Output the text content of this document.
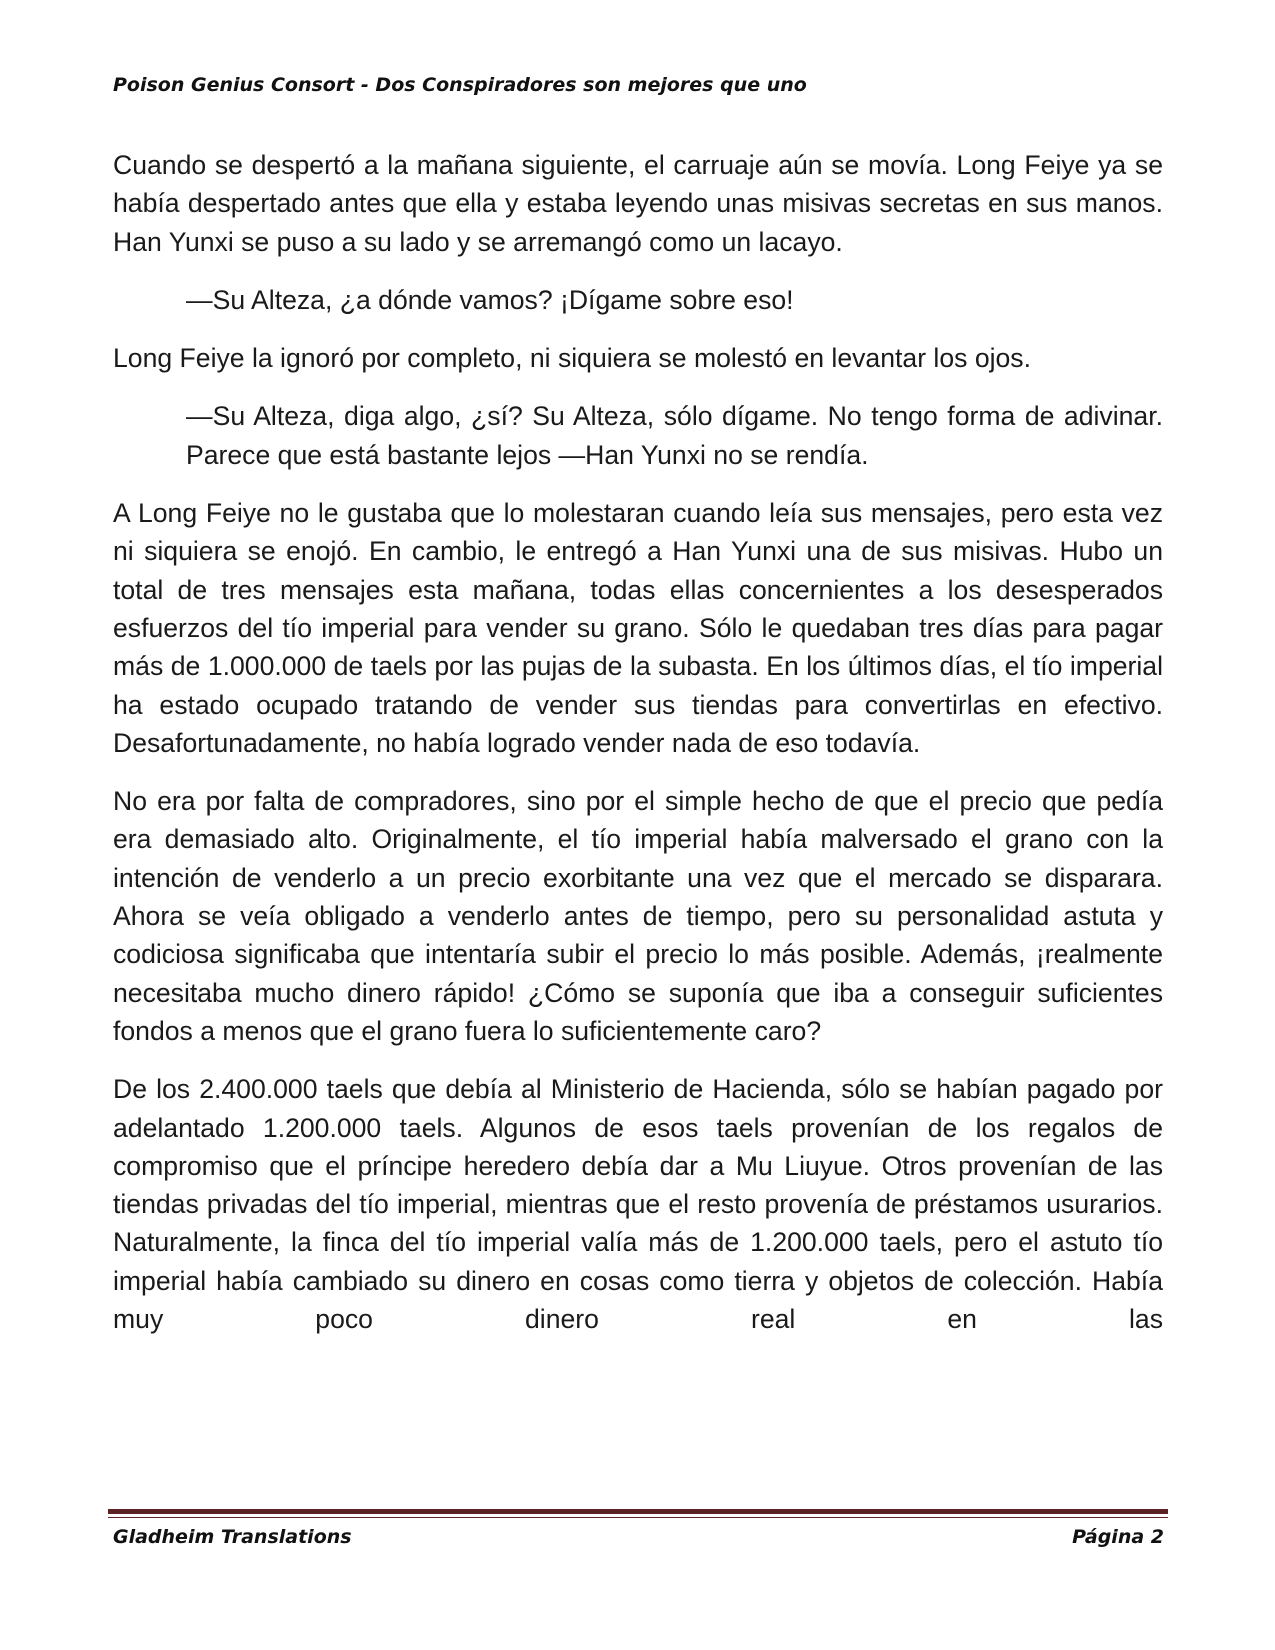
Poison Genius Consort - Dos Conspiradores son mejores que uno

Cuando se despertó a la mañana siguiente, el carruaje aún se movía. Long Feiye ya se había despertado antes que ella y estaba leyendo unas misivas secretas en sus manos. Han Yunxi se puso a su lado y se arremangó como un lacayo.

—Su Alteza, ¿a dónde vamos? ¡Dígame sobre eso!

Long Feiye la ignoró por completo, ni siquiera se molestó en levantar los ojos.

—Su Alteza, diga algo, ¿sí? Su Alteza, sólo dígame. No tengo forma de adivinar. Parece que está bastante lejos —Han Yunxi no se rendía.

A Long Feiye no le gustaba que lo molestaran cuando leía sus mensajes, pero esta vez ni siquiera se enojó. En cambio, le entregó a Han Yunxi una de sus misivas. Hubo un total de tres mensajes esta mañana, todas ellas concernientes a los desesperados esfuerzos del tío imperial para vender su grano. Sólo le quedaban tres días para pagar más de 1.000.000 de taels por las pujas de la subasta. En los últimos días, el tío imperial ha estado ocupado tratando de vender sus tiendas para convertirlas en efectivo. Desafortunadamente, no había logrado vender nada de eso todavía.

No era por falta de compradores, sino por el simple hecho de que el precio que pedía era demasiado alto. Originalmente, el tío imperial había malversado el grano con la intención de venderlo a un precio exorbitante una vez que el mercado se disparara. Ahora se veía obligado a venderlo antes de tiempo, pero su personalidad astuta y codiciosa significaba que intentaría subir el precio lo más posible. Además, ¡realmente necesitaba mucho dinero rápido! ¿Cómo se suponía que iba a conseguir suficientes fondos a menos que el grano fuera lo suficientemente caro?

De los 2.400.000 taels que debía al Ministerio de Hacienda, sólo se habían pagado por adelantado 1.200.000 taels. Algunos de esos taels provenían de los regalos de compromiso que el príncipe heredero debía dar a Mu Liuyue. Otros provenían de las tiendas privadas del tío imperial, mientras que el resto provenía de préstamos usurarios. Naturalmente, la finca del tío imperial valía más de 1.200.000 taels, pero el astuto tío imperial había cambiado su dinero en cosas como tierra y objetos de colección. Había muy poco dinero real en las

Gladheim Translations	Página 2
